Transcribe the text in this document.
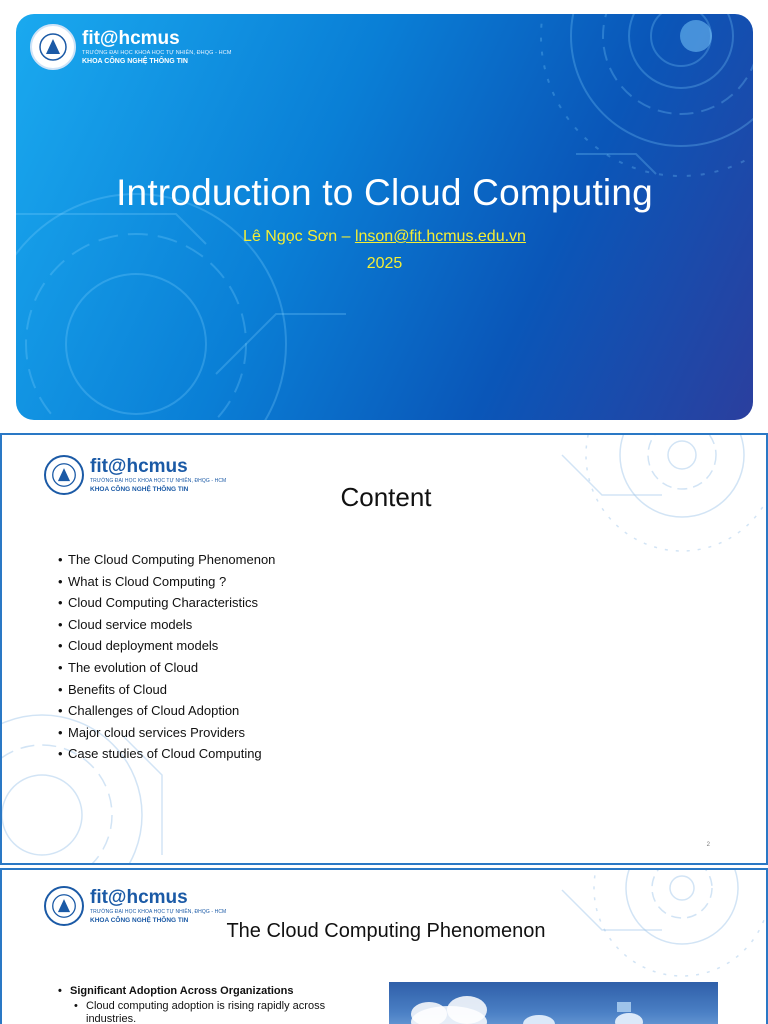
fit@hcmus
TRƯỜNG ĐẠI HỌC KHOA HỌC TỰ NHIÊN, ĐHQG - HCM
KHOA CÔNG NGHỆ THÔNG TIN
Introduction to Cloud Computing
Lê Ngọc Sơn – lnson@fit.hcmus.edu.vn
2025
fit@hcmus
TRƯỜNG ĐẠI HỌC KHOA HỌC TỰ NHIÊN, ĐHQG - HCM
KHOA CÔNG NGHỆ THÔNG TIN	Content
• The Cloud Computing Phenomenon
• What is Cloud Computing ?
• Cloud Computing Characteristics
• Cloud service models
• Cloud deployment models
• The evolution of Cloud
• Benefits of Cloud
• Challenges of Cloud Adoption
• Major cloud services Providers
• Case studies of Cloud Computing
2
fit@hcmus
TRƯỜNG ĐẠI HỌC KHOA HỌC TỰ NHIÊN, ĐHQG - HCM
KHOA CÔNG NGHỆ THÔNG TIN	The Cloud Computing Phenomenon
• Significant Adoption Across Organizations
• Cloud computing adoption is rising rapidly across industries.
